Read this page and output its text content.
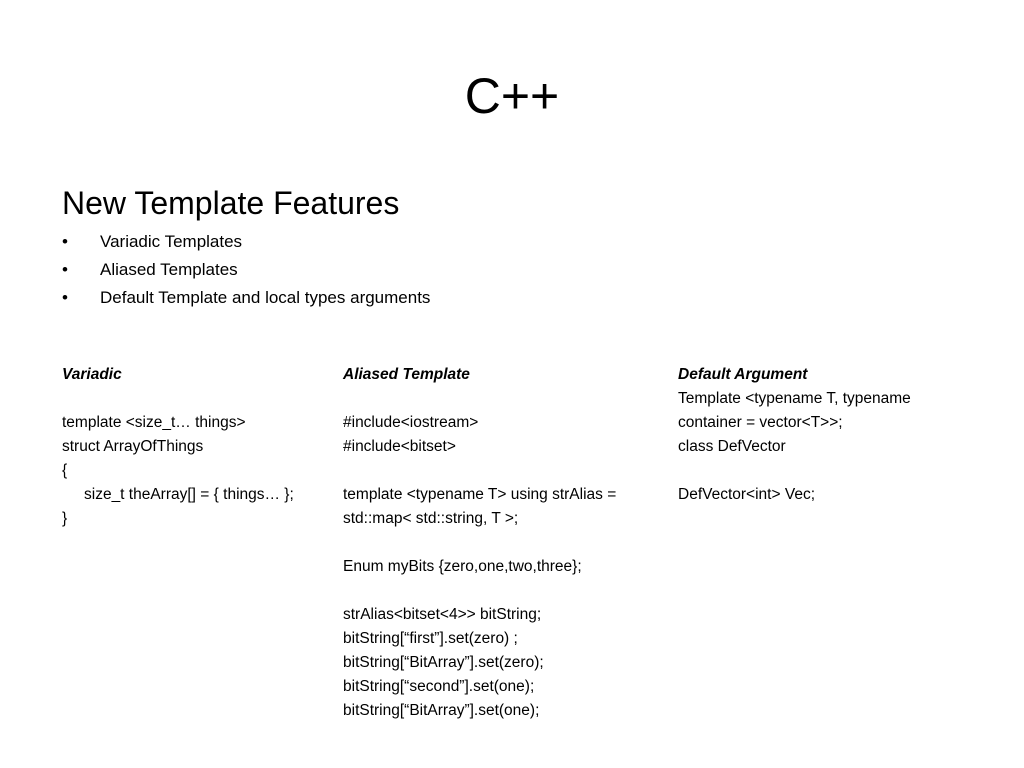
C++
New Template Features
• Variadic Templates
• Aliased Templates
• Default Template and local types arguments
Variadic
template <size_t… things>
struct ArrayOfThings
{
size_t theArray[] = { things… };
}
Aliased Template
#include<iostream>
#include<bitset>
template <typename T> using strAlias =
std::map< std::string, T >;
Enum myBits {zero,one,two,three};
strAlias<bitset<4>> bitString;
bitString[“first”].set(zero) ;
bitString[“BitArray”].set(zero);
bitString[“second”].set(one);
bitString[“BitArray”].set(one);
Default Argument
Template <typename T, typename
container = vector<T>>;
class DefVector
DefVector<int> Vec;
